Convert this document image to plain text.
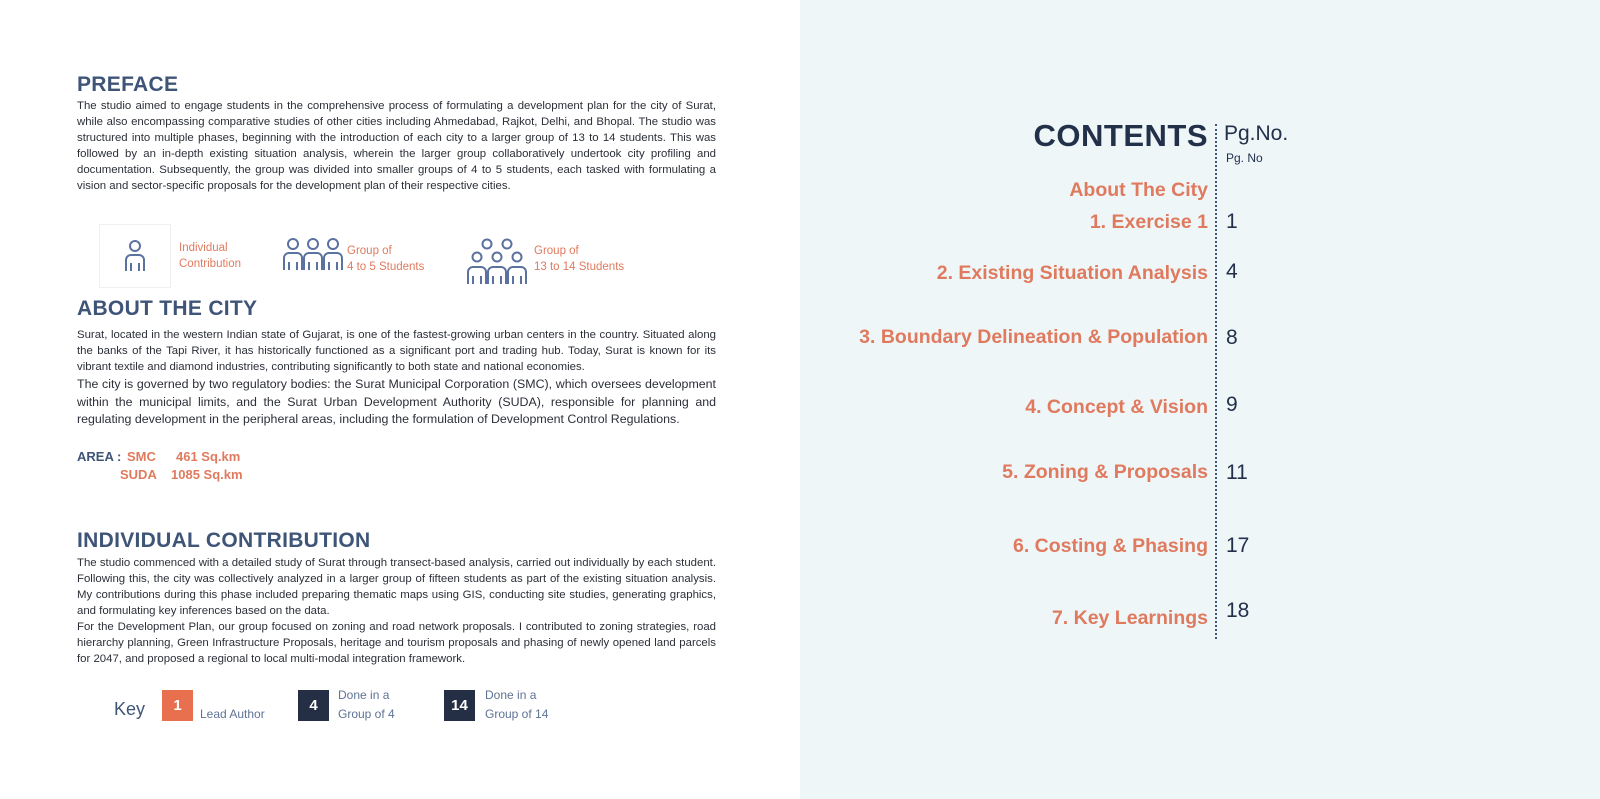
PREFACE
The studio aimed to engage students in the comprehensive process of formulating a development plan for the city of Surat, while also encompassing comparative studies of other cities including Ahmedabad, Rajkot, Delhi, and Bhopal. The studio was structured into multiple phases, beginning with the introduction of each city to a larger group of 13 to 14 students. This was followed by an in-depth existing situation analysis, wherein the larger group collaboratively undertook city profiling and documentation. Subsequently, the group was divided into smaller groups of 4 to 5 students, each tasked with formulating a vision and sector-specific proposals for the development plan of their respective cities.
Individual
Contribution
Group of
4 to 5 Students
Group of
13 to 14 Students
ABOUT THE CITY
Surat, located in the western Indian state of Gujarat, is one of the fastest-growing urban centers in the country. Situated along the banks of the Tapi River, it has historically functioned as a significant port and trading hub. Today, Surat is known for its vibrant textile and diamond industries, contributing significantly to both state and national economies.
The city is governed by two regulatory bodies: the Surat Municipal Corporation (SMC), which oversees development within the municipal limits, and the Surat Urban Development Authority (SUDA), responsible for planning and regulating development in the peripheral areas, including the formulation of Development Control Regulations.
AREA : SMC 461 Sq.km
SUDA 1085 Sq.km
INDIVIDUAL CONTRIBUTION
The studio commenced with a detailed study of Surat through transect-based analysis, carried out individually by each student. Following this, the city was collectively analyzed in a larger group of fifteen students as part of the existing situation analysis. My contributions during this phase included preparing thematic maps using GIS, conducting site studies, generating graphics, and formulating key inferences based on the data.
For the Development Plan, our group focused on zoning and road network proposals. I contributed to zoning strategies, road hierarchy planning, Green Infrastructure Proposals, heritage and tourism proposals and phasing of newly opened land parcels for 2047, and proposed a regional to local multi-modal integration framework.
Key	1	Lead Author	4
Done in a
Group of 4	14
Done in a
Group of 14
CONTENTS Pg.No.
Pg. No
About The City
1. Exercise 1 1
2. Existing Situation Analysis 4
3. Boundary Delineation & Population 8
4. Concept & Vision 9
5. Zoning & Proposals 11
6. Costing & Phasing 17
7. Key Learnings 18
